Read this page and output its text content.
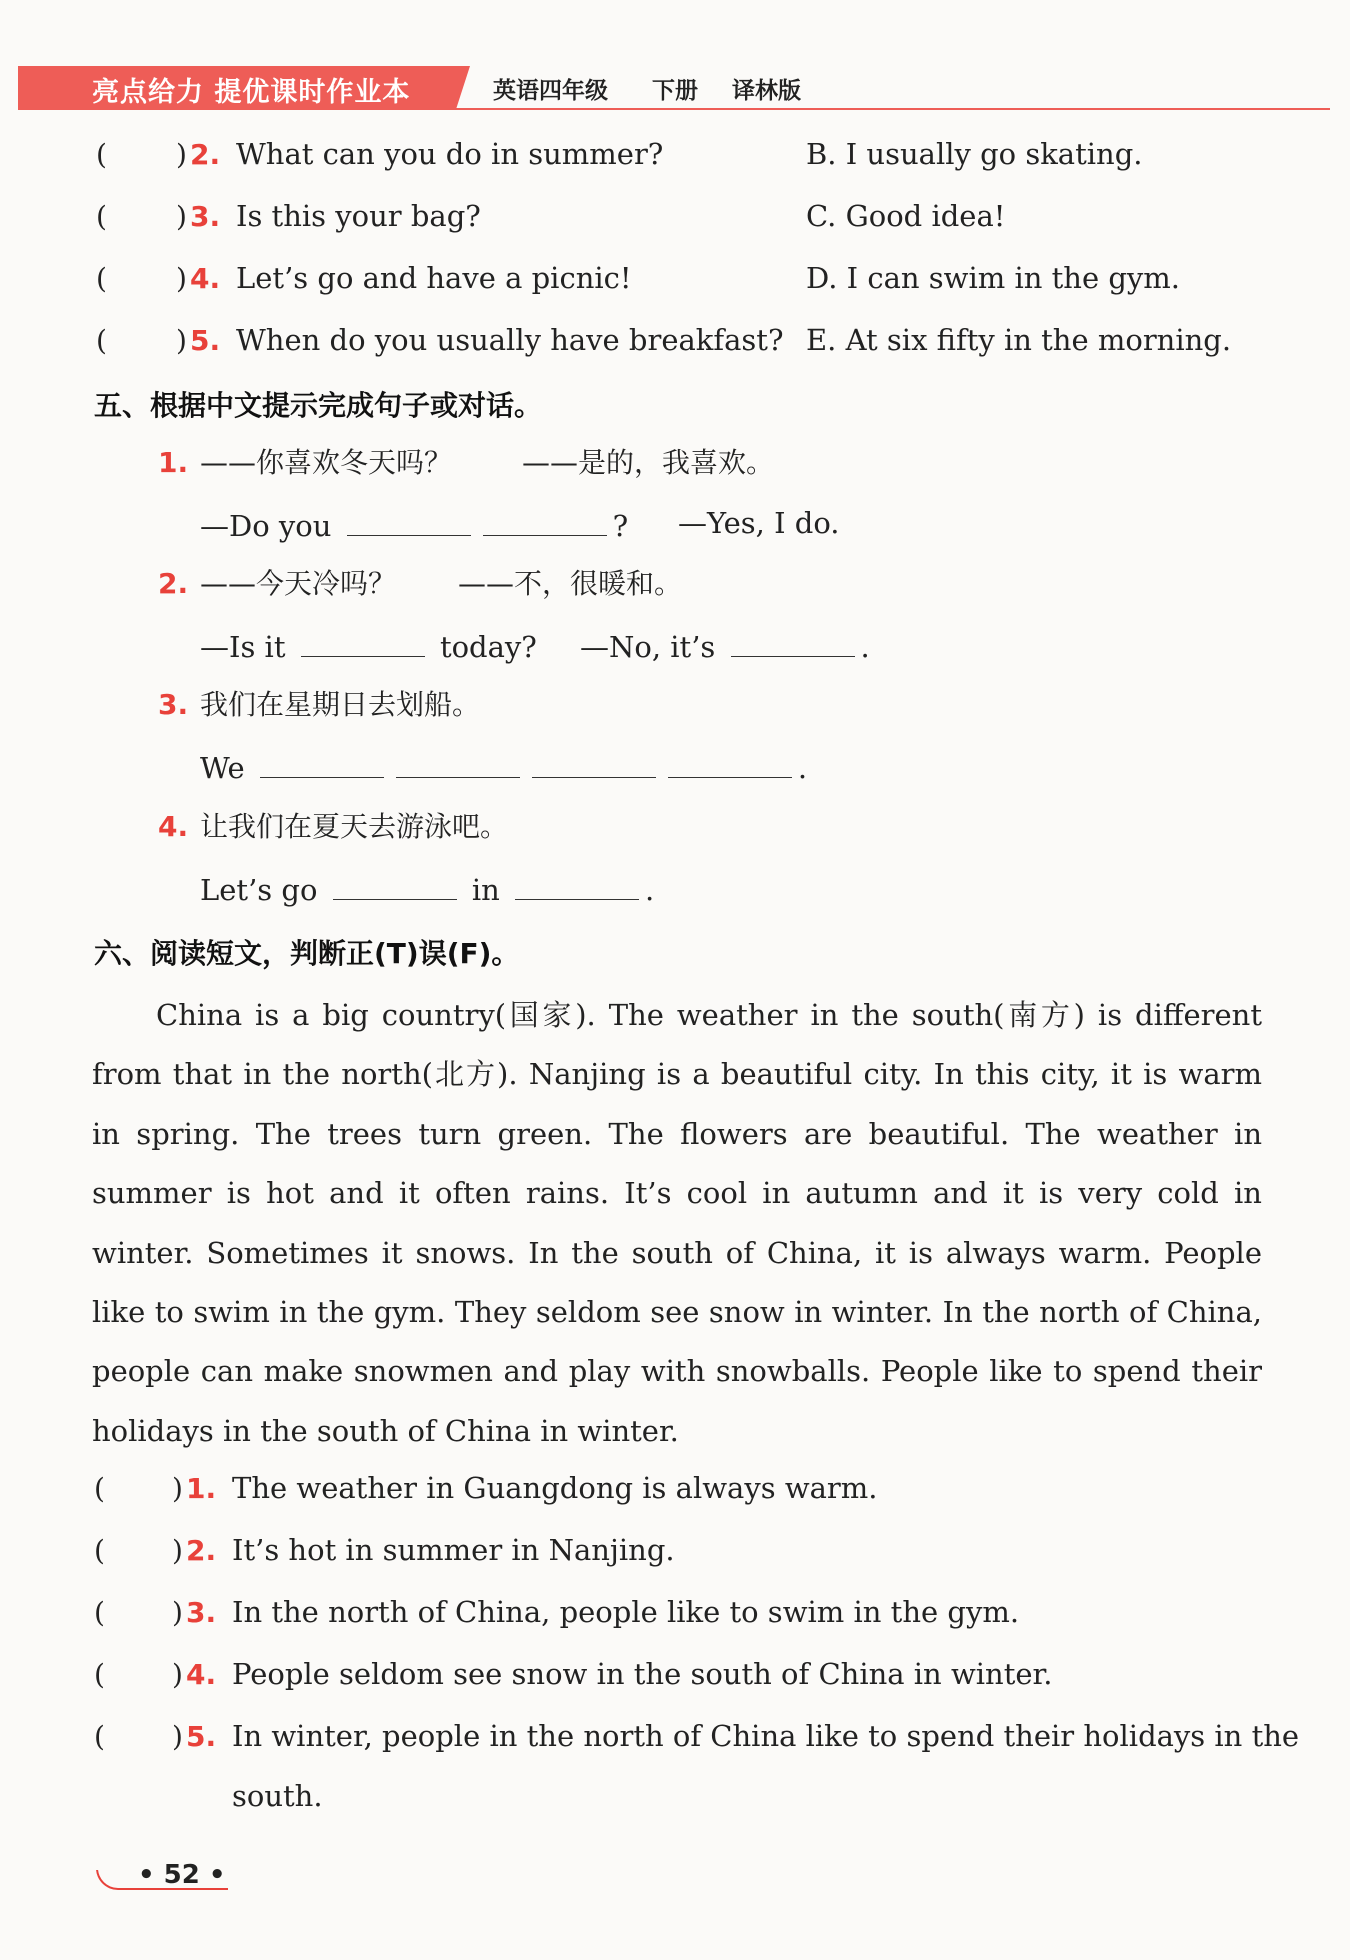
亮点给力 提优课时作业本	英语四年级 下册 译林版
( ) 2. What can you do in summer?	B. I usually go skating.
( ) 3. Is this your bag?	C. Good idea!
( ) 4. Let’s go and have a picnic!	D. I can swim in the gym.
( ) 5. When do you usually have breakfast? E. At six fifty in the morning.
五、根据中文提示完成句子或对话。
1. ——你喜欢冬天吗？ ——是的，我喜欢。
—Do you	? —Yes, I do.
2. ——今天冷吗？ ——不，很暖和。
—Is it	today? —No, it’s	.
3. 我们在星期日去划船。
We	.
4. 让我们在夏天去游泳吧。
Let’s go	in	.
六、阅读短文，判断正(T)误(F)。

China is a big country(国家). The weather in the south(南方) is different from that in the north(北方). Nanjing is a beautiful city. In this city, it is warm in spring. The trees turn green. The flowers are beautiful. The weather in summer is hot and it often rains. It’s cool in autumn and it is very cold in winter. Sometimes it snows. In the south of China, it is always warm. People like to swim in the gym. They seldom see snow in winter. In the north of China, people can make snowmen and play with snowballs. People like to spend their holidays in the south of China in winter.

( ) 1. The weather in Guangdong is always warm.
( ) 2. It’s hot in summer in Nanjing.
( ) 3. In the north of China, people like to swim in the gym.
( ) 4. People seldom see snow in the south of China in winter.
( ) 5. In winter, people in the north of China like to spend their holidays in the
south.
• 52 •
